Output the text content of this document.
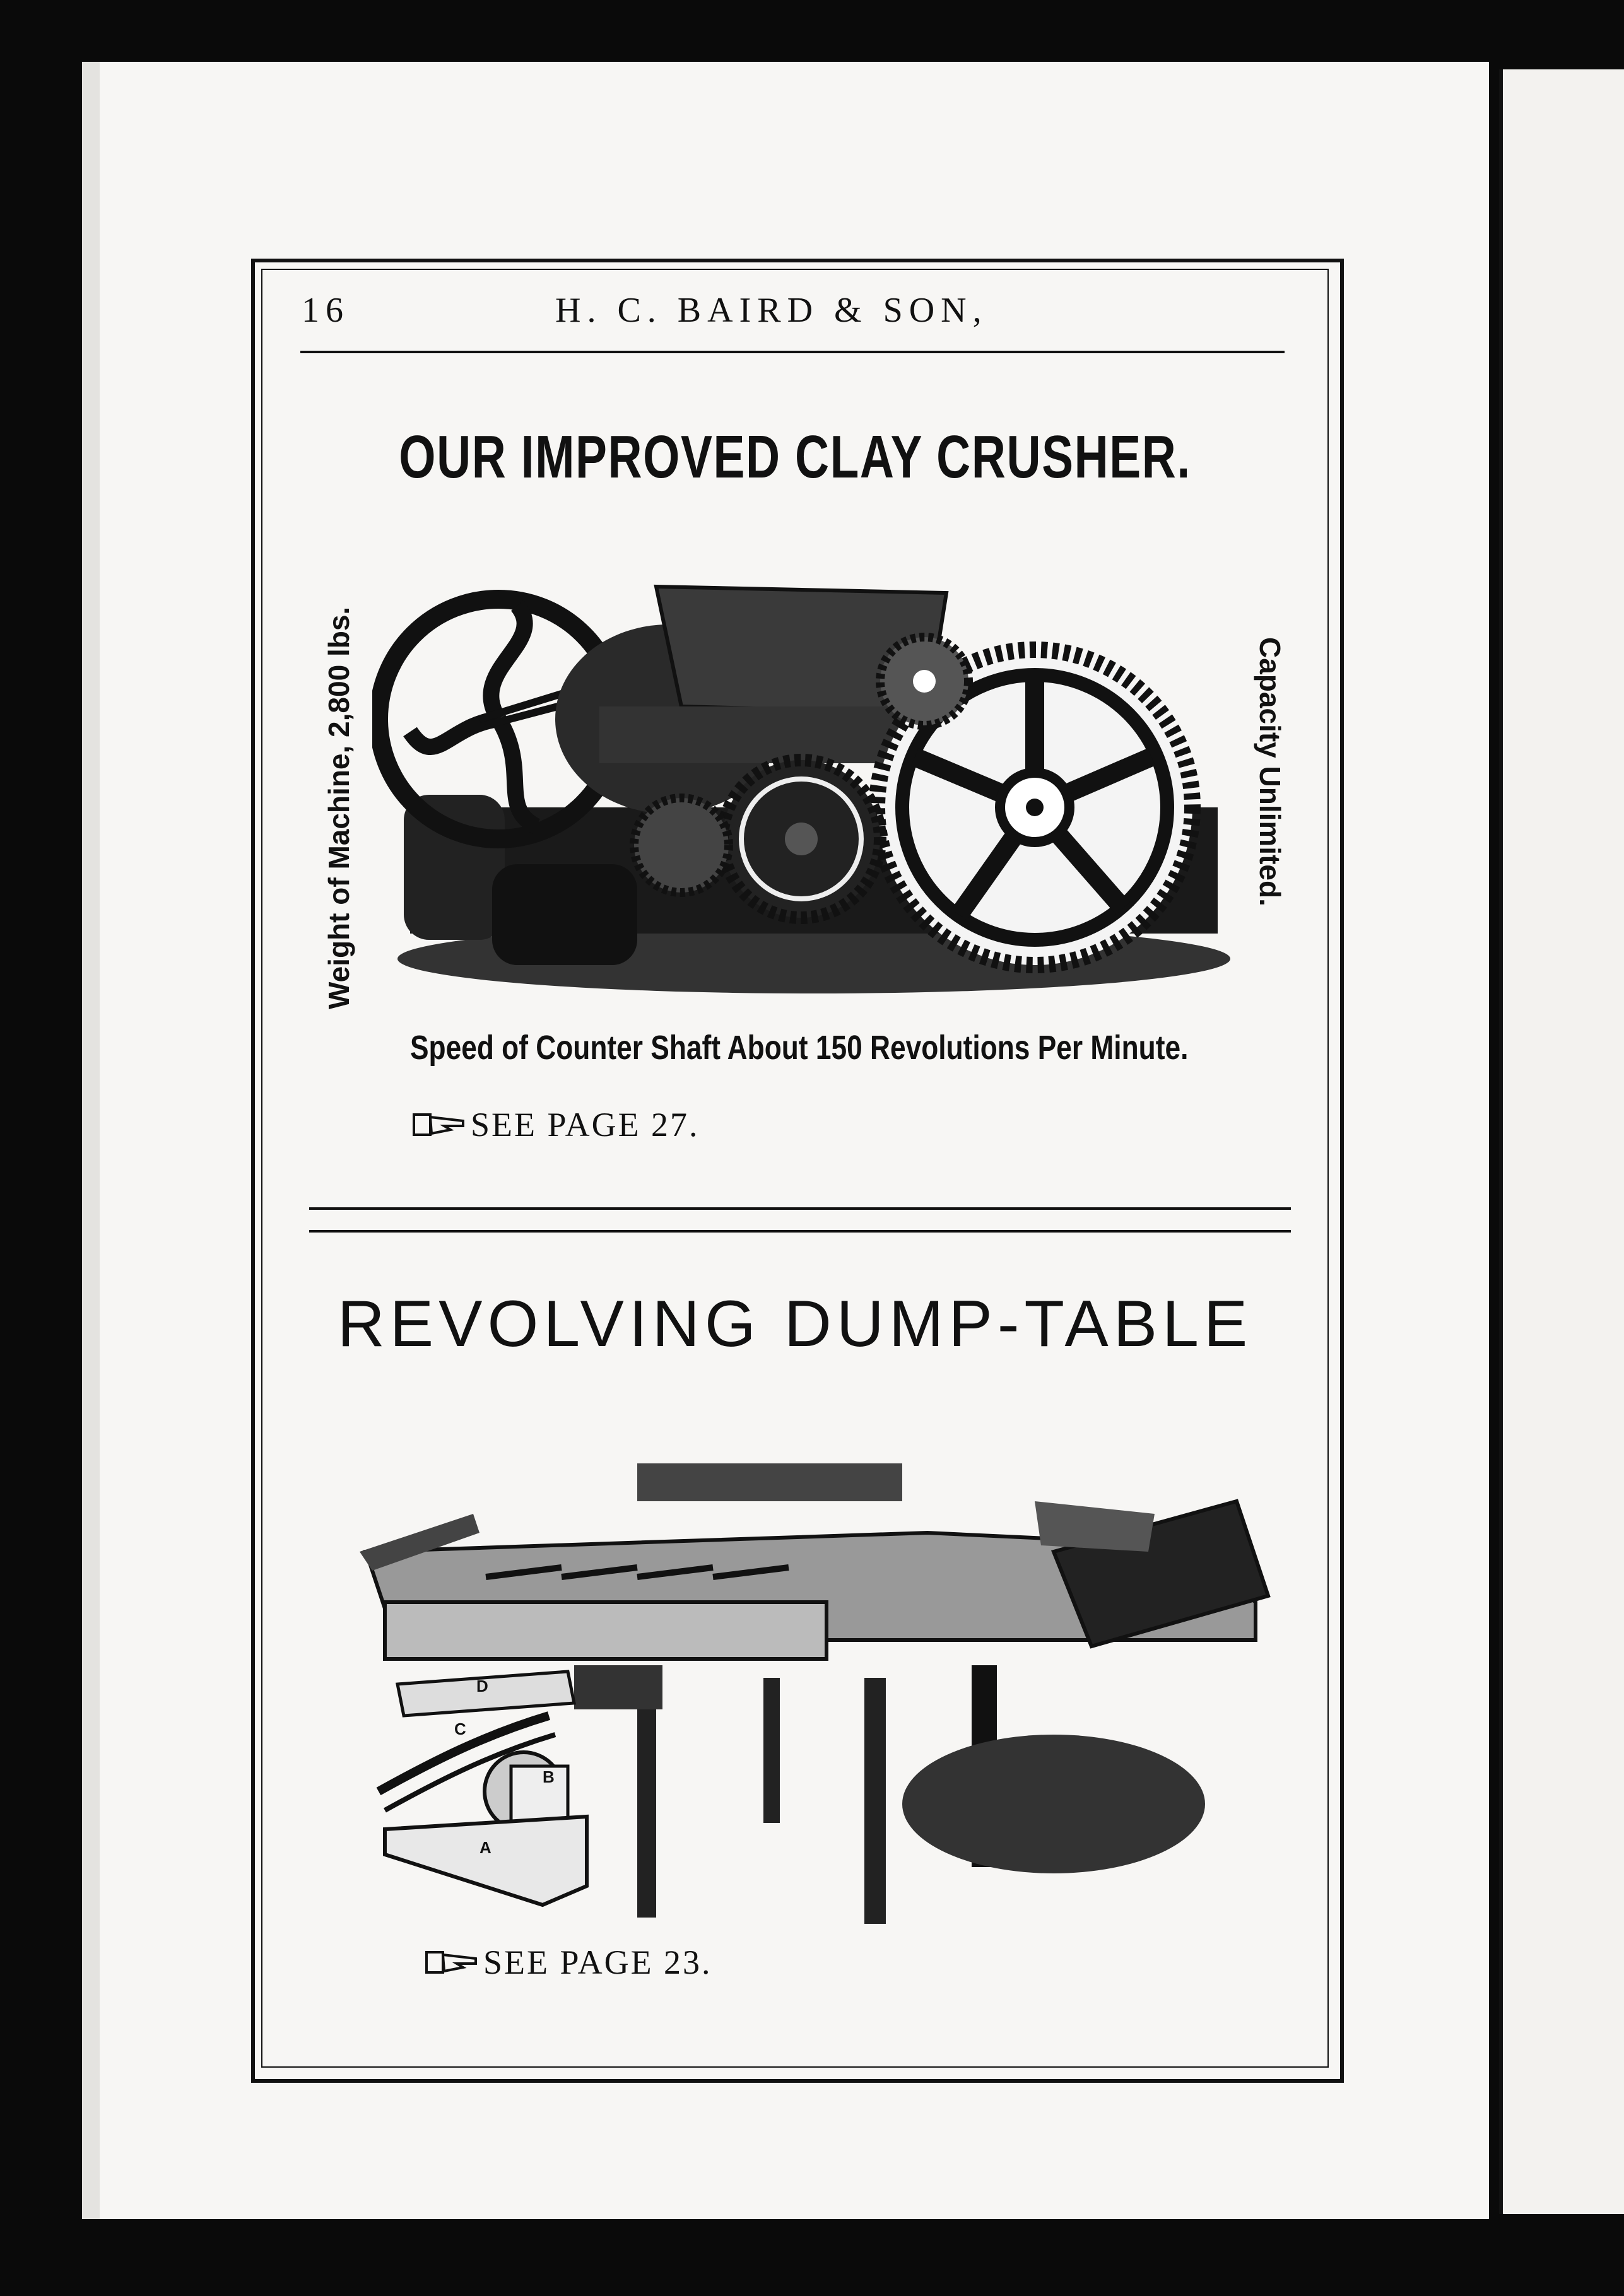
16	H. C. BAIRD & SON,
OUR IMPROVED CLAY CRUSHER.
Weight of Machine, 2,800 lbs.	Capacity Unlimited.
Speed of Counter Shaft About 150 Revolutions Per Minute.
SEE PAGE 27.
REVOLVING DUMP-TABLE
D
C
B
A
SEE PAGE 23.
